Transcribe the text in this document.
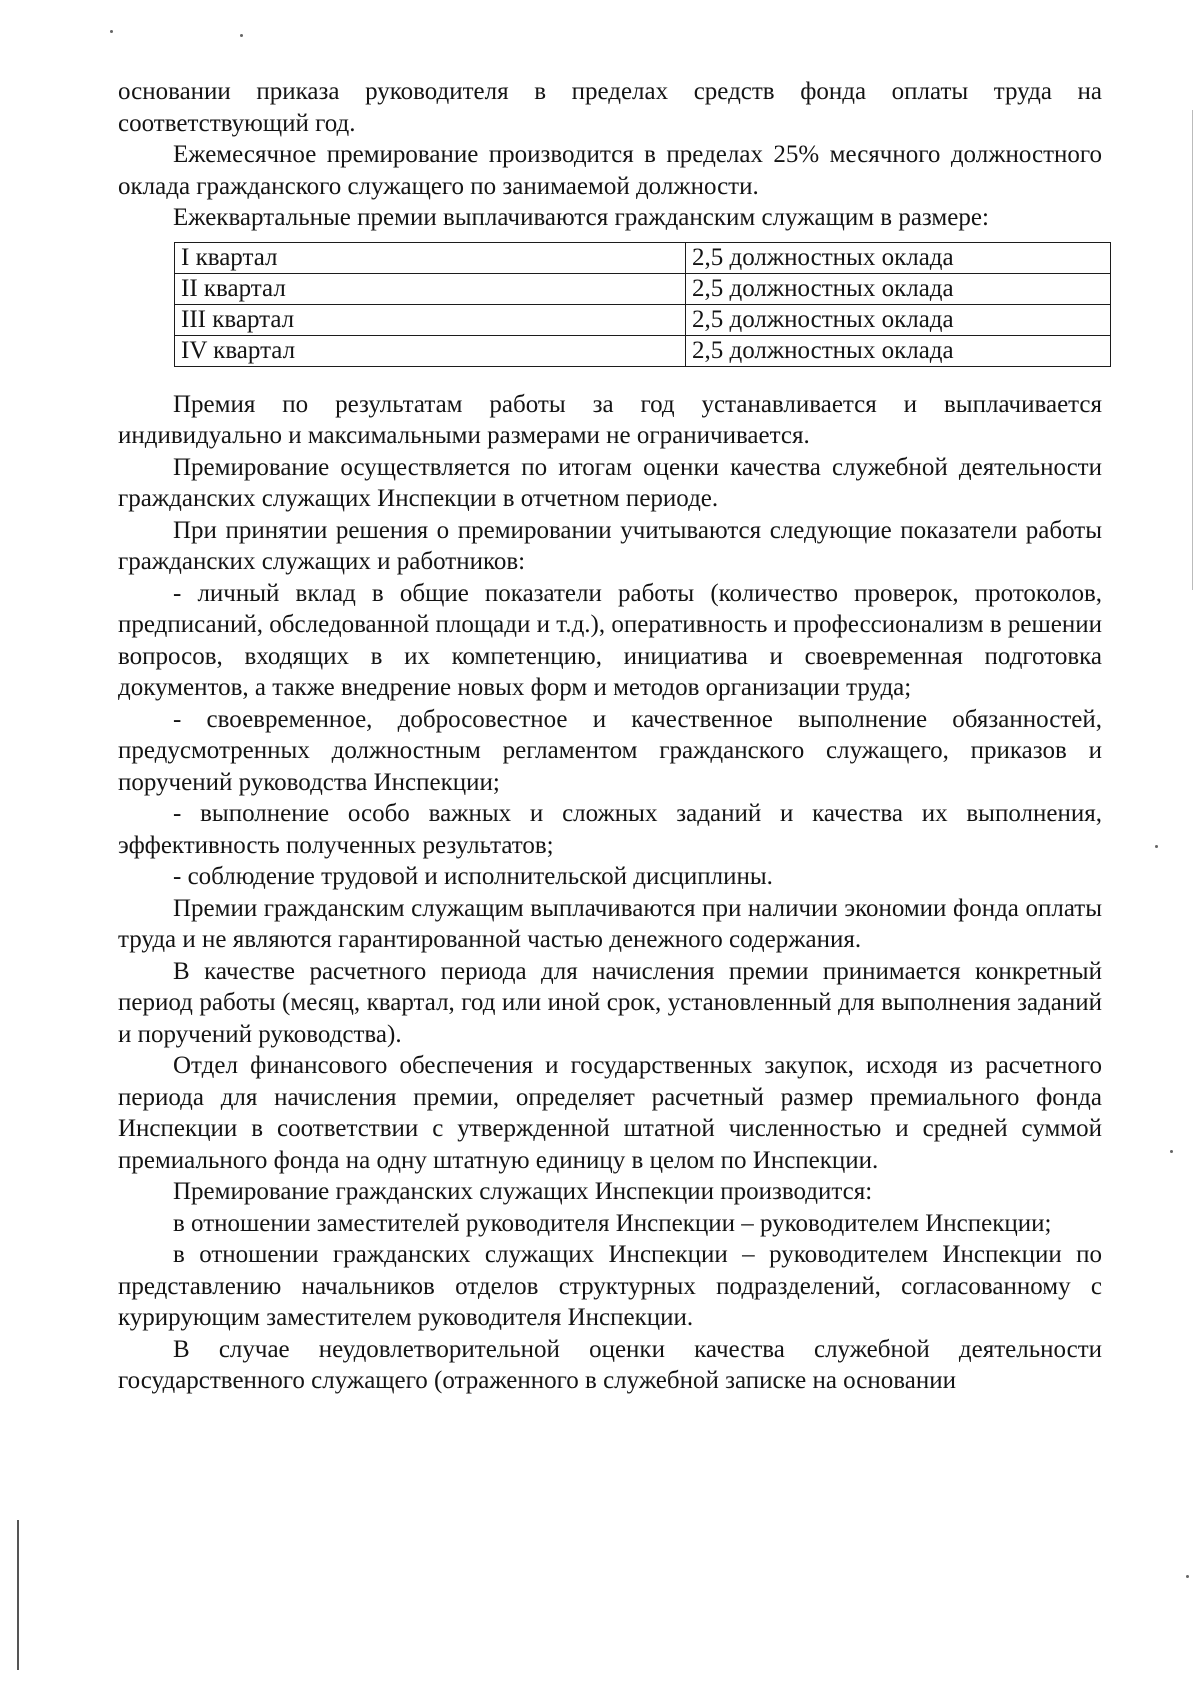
основании приказа руководителя в пределах средств фонда оплаты труда на соответствующий год.

Ежемесячное премирование производится в пределах 25% месячного должностного оклада гражданского служащего по занимаемой должности.

Ежеквартальные премии выплачиваются гражданским служащим в размере:

I квартал	2,5 должностных оклада
II квартал	2,5 должностных оклада
III квартал	2,5 должностных оклада
IV квартал	2,5 должностных оклада

Премия по результатам работы за год устанавливается и выплачивается индивидуально и максимальными размерами не ограничивается.

Премирование осуществляется по итогам оценки качества служебной деятельности гражданских служащих Инспекции в отчетном периоде.

При принятии решения о премировании учитываются следующие показатели работы гражданских служащих и работников:

- личный вклад в общие показатели работы (количество проверок, протоколов, предписаний, обследованной площади и т.д.), оперативность и профессионализм в решении вопросов, входящих в их компетенцию, инициатива и своевременная подготовка документов, а также внедрение новых форм и методов организации труда;

- своевременное, добросовестное и качественное выполнение обязанностей, предусмотренных должностным регламентом гражданского служащего, приказов и поручений руководства Инспекции;

- выполнение особо важных и сложных заданий и качества их выполнения, эффективность полученных результатов;

- соблюдение трудовой и исполнительской дисциплины.

Премии гражданским служащим выплачиваются при наличии экономии фонда оплаты труда и не являются гарантированной частью денежного содержания.

В качестве расчетного периода для начисления премии принимается конкретный период работы (месяц, квартал, год или иной срок, установленный для выполнения заданий и поручений руководства).

Отдел финансового обеспечения и государственных закупок, исходя из расчетного периода для начисления премии, определяет расчетный размер премиального фонда Инспекции в соответствии с утвержденной штатной численностью и средней суммой премиального фонда на одну штатную единицу в целом по Инспекции.

Премирование гражданских служащих Инспекции производится:

в отношении заместителей руководителя Инспекции – руководителем Инспекции;

в отношении гражданских служащих Инспекции – руководителем Инспекции по представлению начальников отделов структурных подразделений, согласованному с курирующим заместителем руководителя Инспекции.

В случае неудовлетворительной оценки качества служебной деятельности государственного служащего (отраженного в служебной записке на основании
